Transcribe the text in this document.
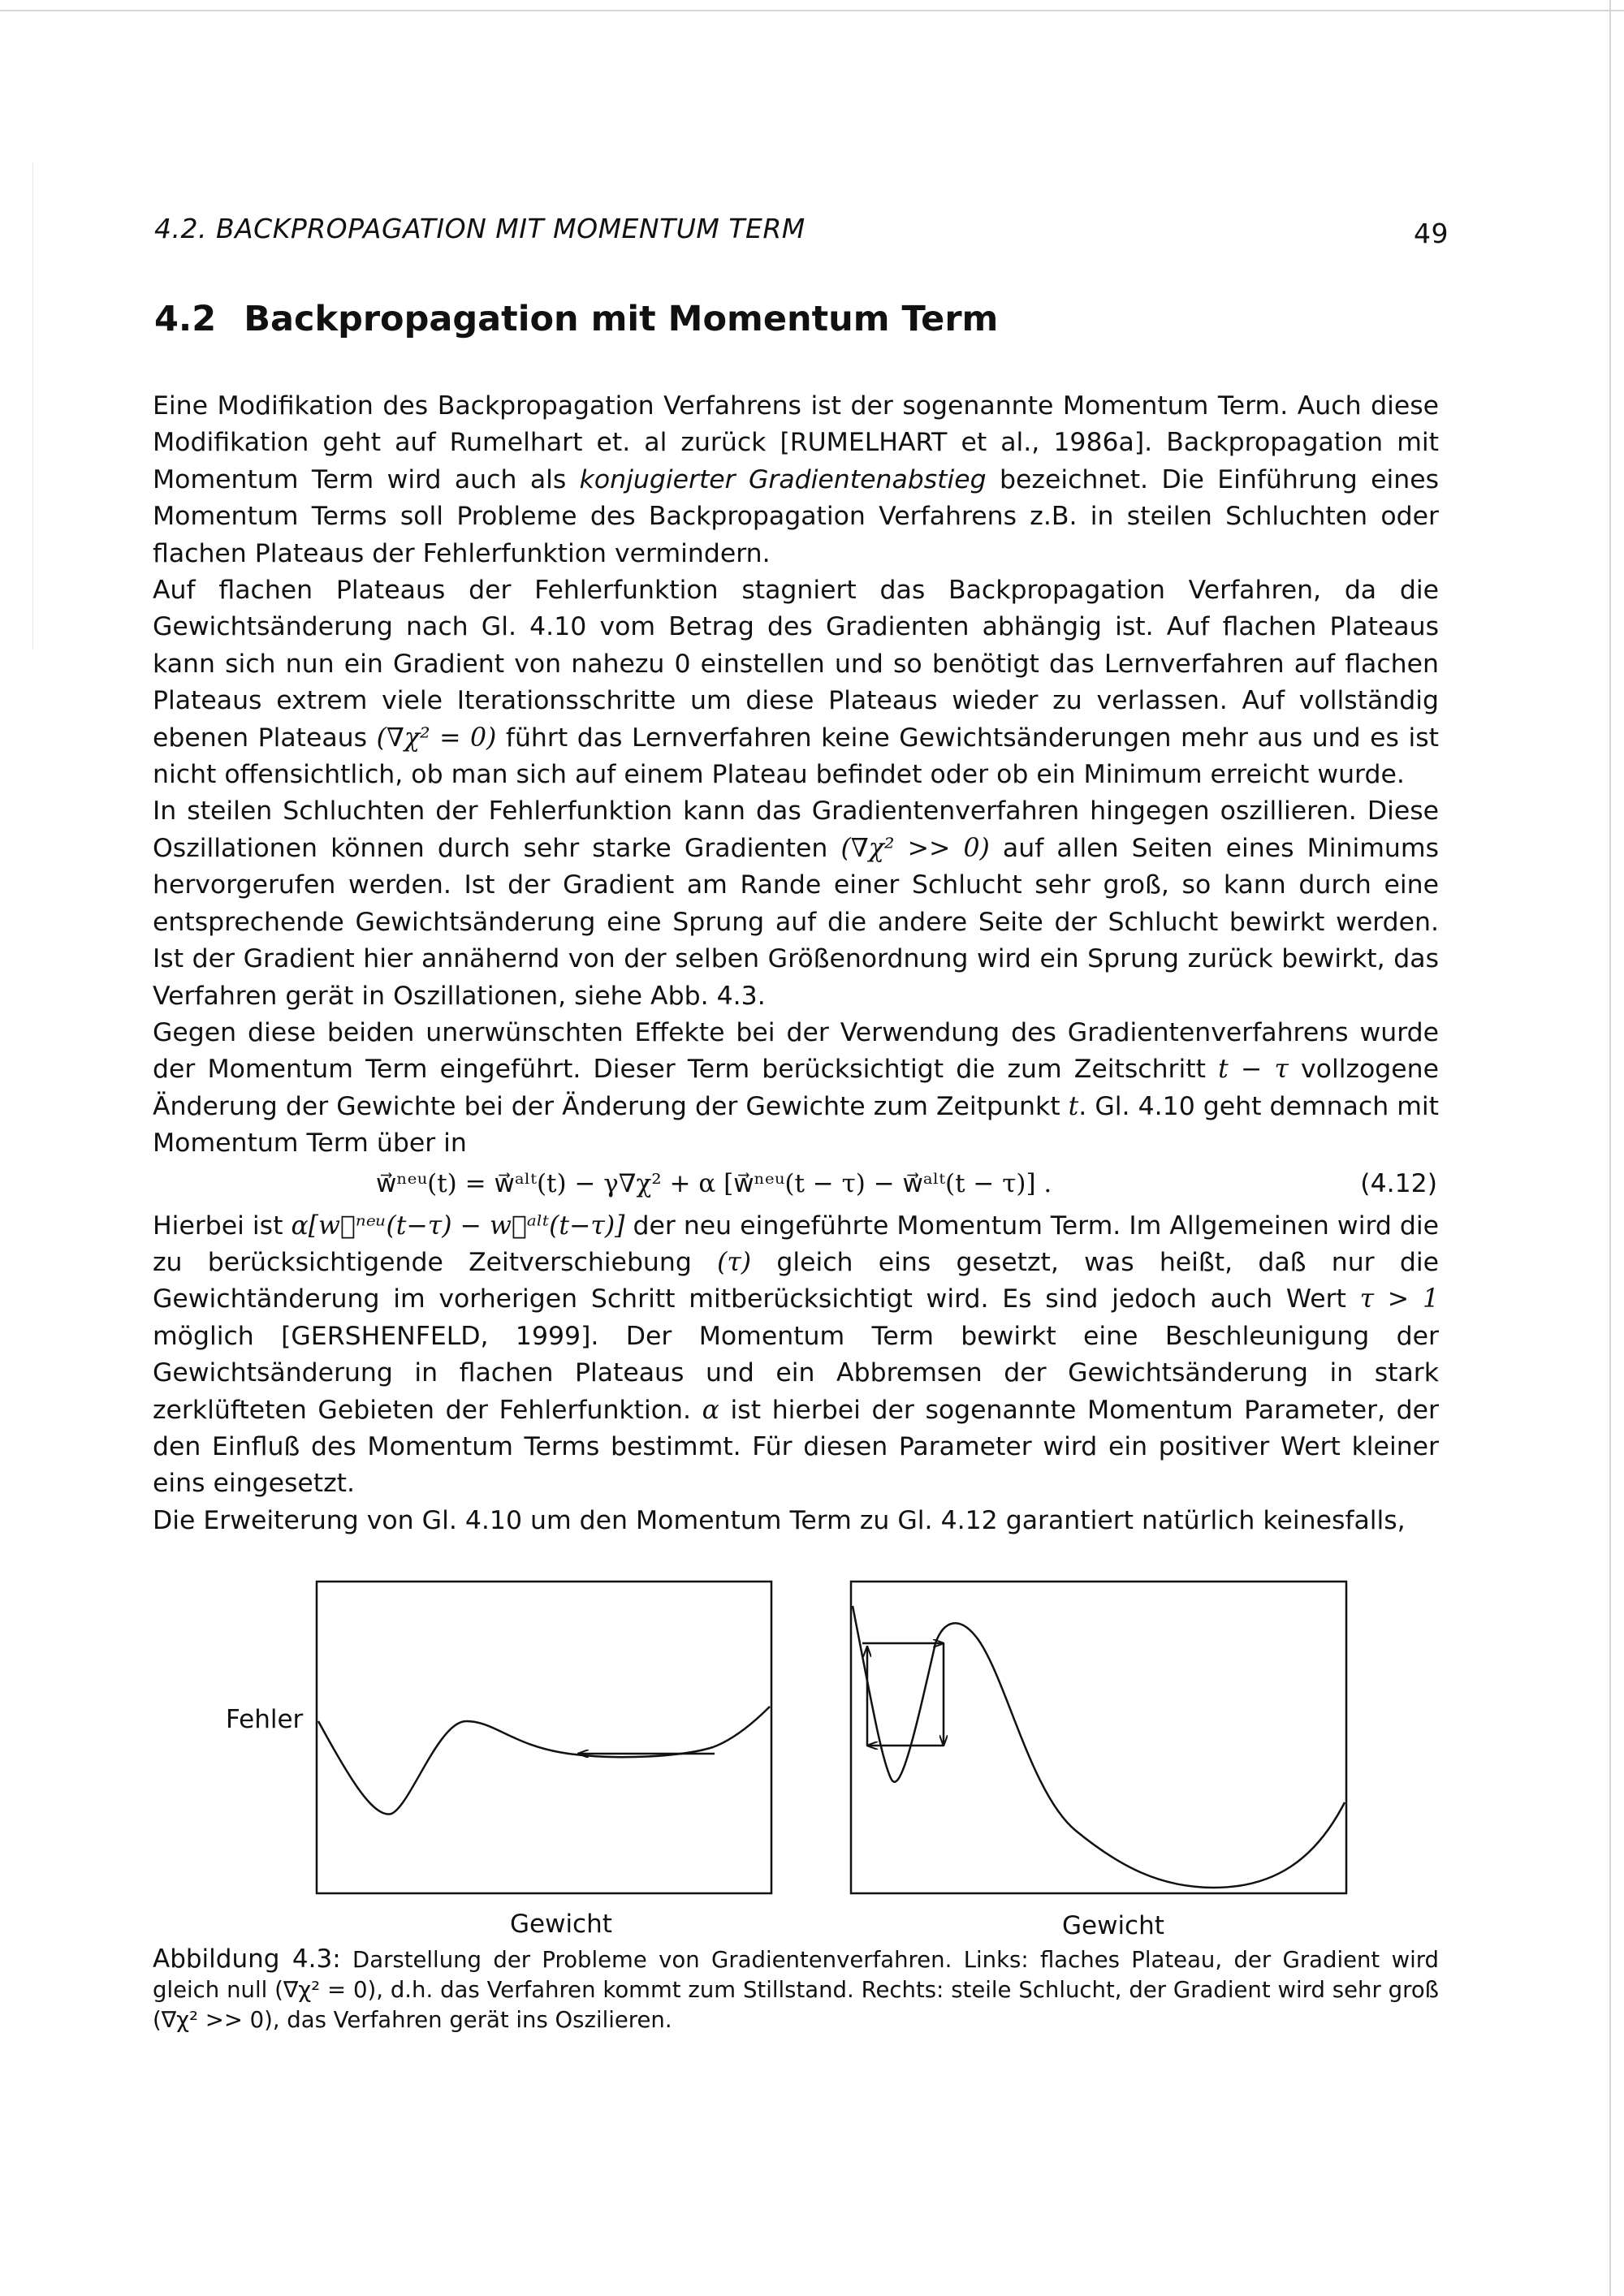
4.2. BACKPROPAGATION MIT MOMENTUM TERM	49
4.2 Backpropagation mit Momentum Term

Eine Modifikation des Backpropagation Verfahrens ist der sogenannte Momentum Term. Auch diese Modifikation geht auf Rumelhart et. al zurück [RUMELHART et al., 1986a]. Backpropagation mit Momentum Term wird auch als konjugierter Gradientenabstieg bezeichnet. Die Einführung eines Momentum Terms soll Probleme des Backpropagation Verfahrens z.B. in steilen Schluchten oder flachen Plateaus der Fehlerfunktion vermindern.

Auf flachen Plateaus der Fehlerfunktion stagniert das Backpropagation Verfahren, da die Gewichtsänderung nach Gl. 4.10 vom Betrag des Gradienten abhängig ist. Auf flachen Plateaus kann sich nun ein Gradient von nahezu 0 einstellen und so benötigt das Lernverfahren auf flachen Plateaus extrem viele Iterationsschritte um diese Plateaus wieder zu verlassen. Auf vollständig ebenen Plateaus (∇χ² = 0) führt das Lernverfahren keine Gewichtsänderungen mehr aus und es ist nicht offensichtlich, ob man sich auf einem Plateau befindet oder ob ein Minimum erreicht wurde.

In steilen Schluchten der Fehlerfunktion kann das Gradientenverfahren hingegen oszillieren. Diese Oszillationen können durch sehr starke Gradienten (∇χ² >> 0) auf allen Seiten eines Minimums hervorgerufen werden. Ist der Gradient am Rande einer Schlucht sehr groß, so kann durch eine entsprechende Gewichtsänderung eine Sprung auf die andere Seite der Schlucht bewirkt werden. Ist der Gradient hier annähernd von der selben Größenordnung wird ein Sprung zurück bewirkt, das Verfahren gerät in Oszillationen, siehe Abb. 4.3.

Gegen diese beiden unerwünschten Effekte bei der Verwendung des Gradientenverfahrens wurde der Momentum Term eingeführt. Dieser Term berücksichtigt die zum Zeitschritt t − τ vollzogene Änderung der Gewichte bei der Änderung der Gewichte zum Zeitpunkt t. Gl. 4.10 geht demnach mit Momentum Term über in

w⃗ⁿᵉᵘ(t) = w⃗ᵃˡᵗ(t) − γ∇χ² + α [w⃗ⁿᵉᵘ(t − τ) − w⃗ᵃˡᵗ(t − τ)] .	(4.12)

Hierbei ist α[w⃗ⁿᵉᵘ(t−τ) − w⃗ᵃˡᵗ(t−τ)] der neu eingeführte Momentum Term. Im Allgemeinen wird die zu berücksichtigende Zeitverschiebung (τ) gleich eins gesetzt, was heißt, daß nur die Gewichtänderung im vorherigen Schritt mitberücksichtigt wird. Es sind jedoch auch Wert τ > 1 möglich [GERSHENFELD, 1999]. Der Momentum Term bewirkt eine Beschleunigung der Gewichtsänderung in flachen Plateaus und ein Abbremsen der Gewichtsänderung in stark zerklüfteten Gebieten der Fehlerfunktion. α ist hierbei der sogenannte Momentum Parameter, der den Einfluß des Momentum Terms bestimmt. Für diesen Parameter wird ein positiver Wert kleiner eins eingesetzt.

Die Erweiterung von Gl. 4.10 um den Momentum Term zu Gl. 4.12 garantiert natürlich keinesfalls,

Fehler
Gewicht	Gewicht
Abbildung 4.3: Darstellung der Probleme von Gradientenverfahren. Links: flaches Plateau, der Gradient wird gleich null (∇χ² = 0), d.h. das Verfahren kommt zum Stillstand. Rechts: steile Schlucht, der Gradient wird sehr groß (∇χ² >> 0), das Verfahren gerät ins Oszilieren.
